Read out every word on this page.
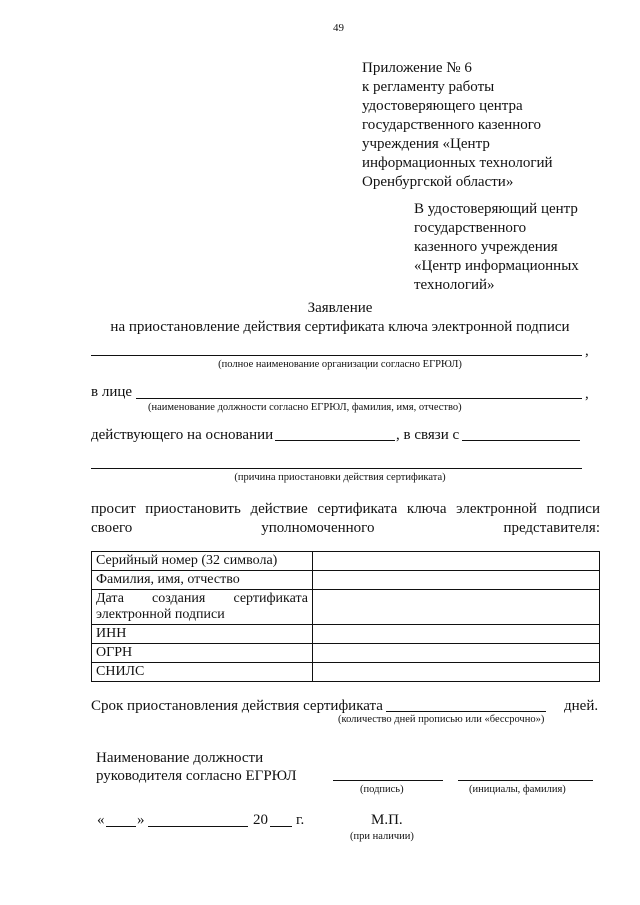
49
Приложение № 6
к регламенту работы
удостоверяющего центра
государственного казенного
учреждения «Центр
информационных технологий
Оренбургской области»
В удостоверяющий центр
государственного
казенного учреждения
«Центр информационных
технологий»
Заявление
на приостановление действия сертификата ключа электронной подписи
,
(полное наименование организации согласно ЕГРЮЛ)
в лице	,
(наименование должности согласно ЕГРЮЛ, фамилия, имя, отчество)
действующего на основании	, в связи с
(причина приостановки действия сертификата)
просит приостановить действие сертификата ключа электронной подписи своего уполномоченного представителя:
Серийный номер (32 символа)	
Фамилия, имя, отчество	
Дата создания сертификата электронной подписи	
ИНН	
ОГРН	
СНИЛС	
Срок приостановления действия сертификата	дней.
(количество дней прописью или «бессрочно»)
Наименование должности
руководителя согласно ЕГРЮЛ
(подпись)	(инициалы, фамилия)
« »	20 г.	М.П.
(при наличии)
